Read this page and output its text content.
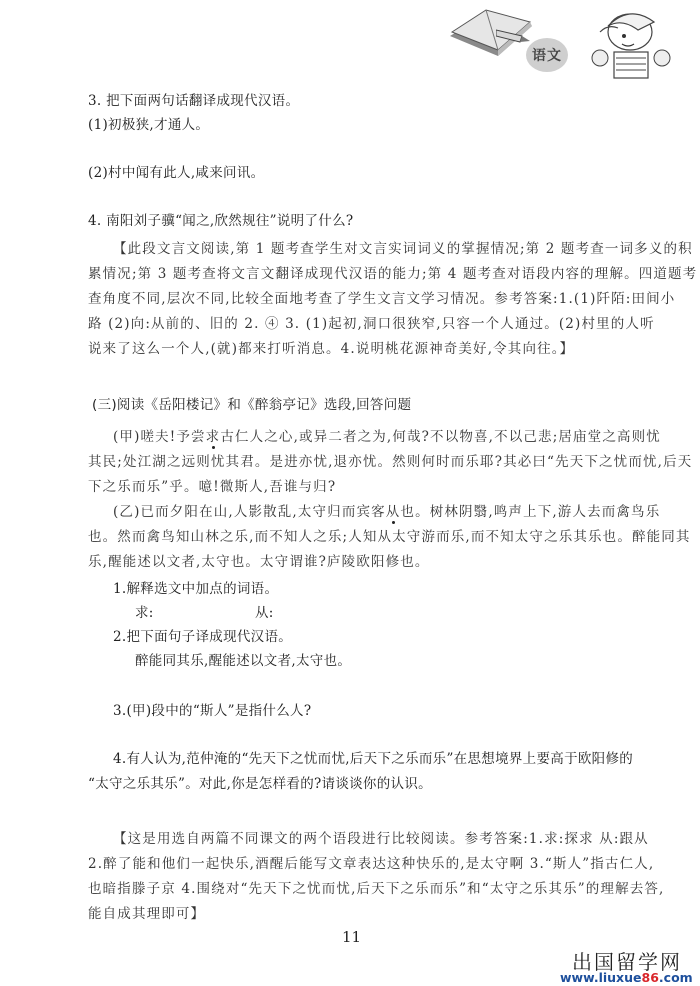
语文
3. 把下面两句话翻译成现代汉语。
(1)初极狭,才通人。
(2)村中闻有此人,咸来问讯。
4. 南阳刘子骥“闻之,欣然规往”说明了什么?
【此段文言文阅读,第 1 题考查学生对文言实词词义的掌握情况;第 2 题考查一词多义的积
累情况;第 3 题考查将文言文翻译成现代汉语的能力;第 4 题考查对语段内容的理解。四道题考
查角度不同,层次不同,比较全面地考查了学生文言文学习情况。参考答案:1.(1)阡陌:田间小
路 (2)向:从前的、旧的 2. ④ 3. (1)起初,洞口很狭窄,只容一个人通过。(2)村里的人听
说来了这么一个人,(就)都来打听消息。4.说明桃花源神奇美好,令其向往。】
(三)阅读《岳阳楼记》和《醉翁亭记》选段,回答问题
(甲)嗟夫!予尝求古仁人之心,或异二者之为,何哉?不以物喜,不以己悲;居庙堂之高则忧
其民;处江湖之远则忧其君。是进亦忧,退亦忧。然则何时而乐耶?其必曰“先天下之忧而忧,后天
下之乐而乐”乎。噫!微斯人,吾谁与归?
(乙)已而夕阳在山,人影散乱,太守归而宾客从也。树林阴翳,鸣声上下,游人去而禽鸟乐
也。然而禽鸟知山林之乐,而不知人之乐;人知从太守游而乐,而不知太守之乐其乐也。醉能同其
乐,醒能述以文者,太守也。太守谓谁?庐陵欧阳修也。
1.解释选文中加点的词语。
求:	从:
2.把下面句子译成现代汉语。
醉能同其乐,醒能述以文者,太守也。
3.(甲)段中的“斯人”是指什么人?
4.有人认为,范仲淹的“先天下之忧而忧,后天下之乐而乐”在思想境界上要高于欧阳修的
“太守之乐其乐”。对此,你是怎样看的?请谈谈你的认识。
【这是用选自两篇不同课文的两个语段进行比较阅读。参考答案:1.求:探求 从:跟从
2.醉了能和他们一起快乐,酒醒后能写文章表达这种快乐的,是太守啊 3.“斯人”指古仁人,
也暗指滕子京 4.围绕对“先天下之忧而忧,后天下之乐而乐”和“太守之乐其乐”的理解去答,
能自成其理即可】
11
出国留学网
www.liuxue86.com
